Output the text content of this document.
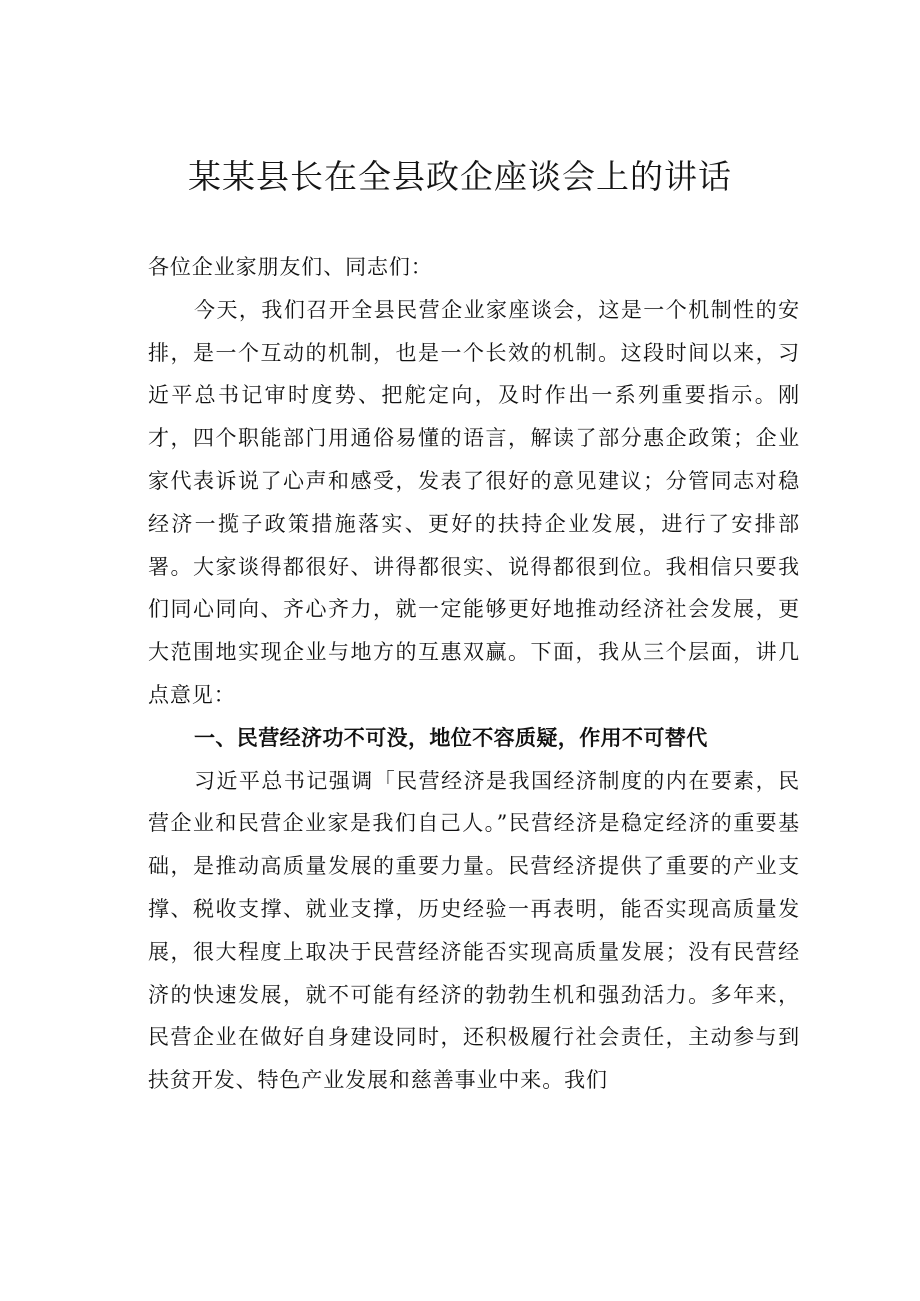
某某县长在全县政企座谈会上的讲话

各位企业家朋友们、同志们：

今天，我们召开全县民营企业家座谈会，这是一个机制性的安排，是一个互动的机制，也是一个长效的机制。这段时间以来，习近平总书记审时度势、把舵定向，及时作出一系列重要指示。刚才，四个职能部门用通俗易懂的语言，解读了部分惠企政策；企业家代表诉说了心声和感受，发表了很好的意见建议；分管同志对稳经济一揽子政策措施落实、更好的扶持企业发展，进行了安排部署。大家谈得都很好、讲得都很实、说得都很到位。我相信只要我们同心同向、齐心齐力，就一定能够更好地推动经济社会发展，更大范围地实现企业与地方的互惠双赢。下面，我从三个层面，讲几点意见：

一、民营经济功不可没，地位不容质疑，作用不可替代

习近平总书记强调「民营经济是我国经济制度的内在要素，民营企业和民营企业家是我们自己人。”民营经济是稳定经济的重要基础，是推动高质量发展的重要力量。民营经济提供了重要的产业支撑、税收支撑、就业支撑，历史经验一再表明，能否实现高质量发展，很大程度上取决于民营经济能否实现高质量发展；没有民营经济的快速发展，就不可能有经济的勃勃生机和强劲活力。多年来，民营企业在做好自身建设同时，还积极履行社会责任，主动参与到扶贫开发、特色产业发展和慈善事业中来。我们
